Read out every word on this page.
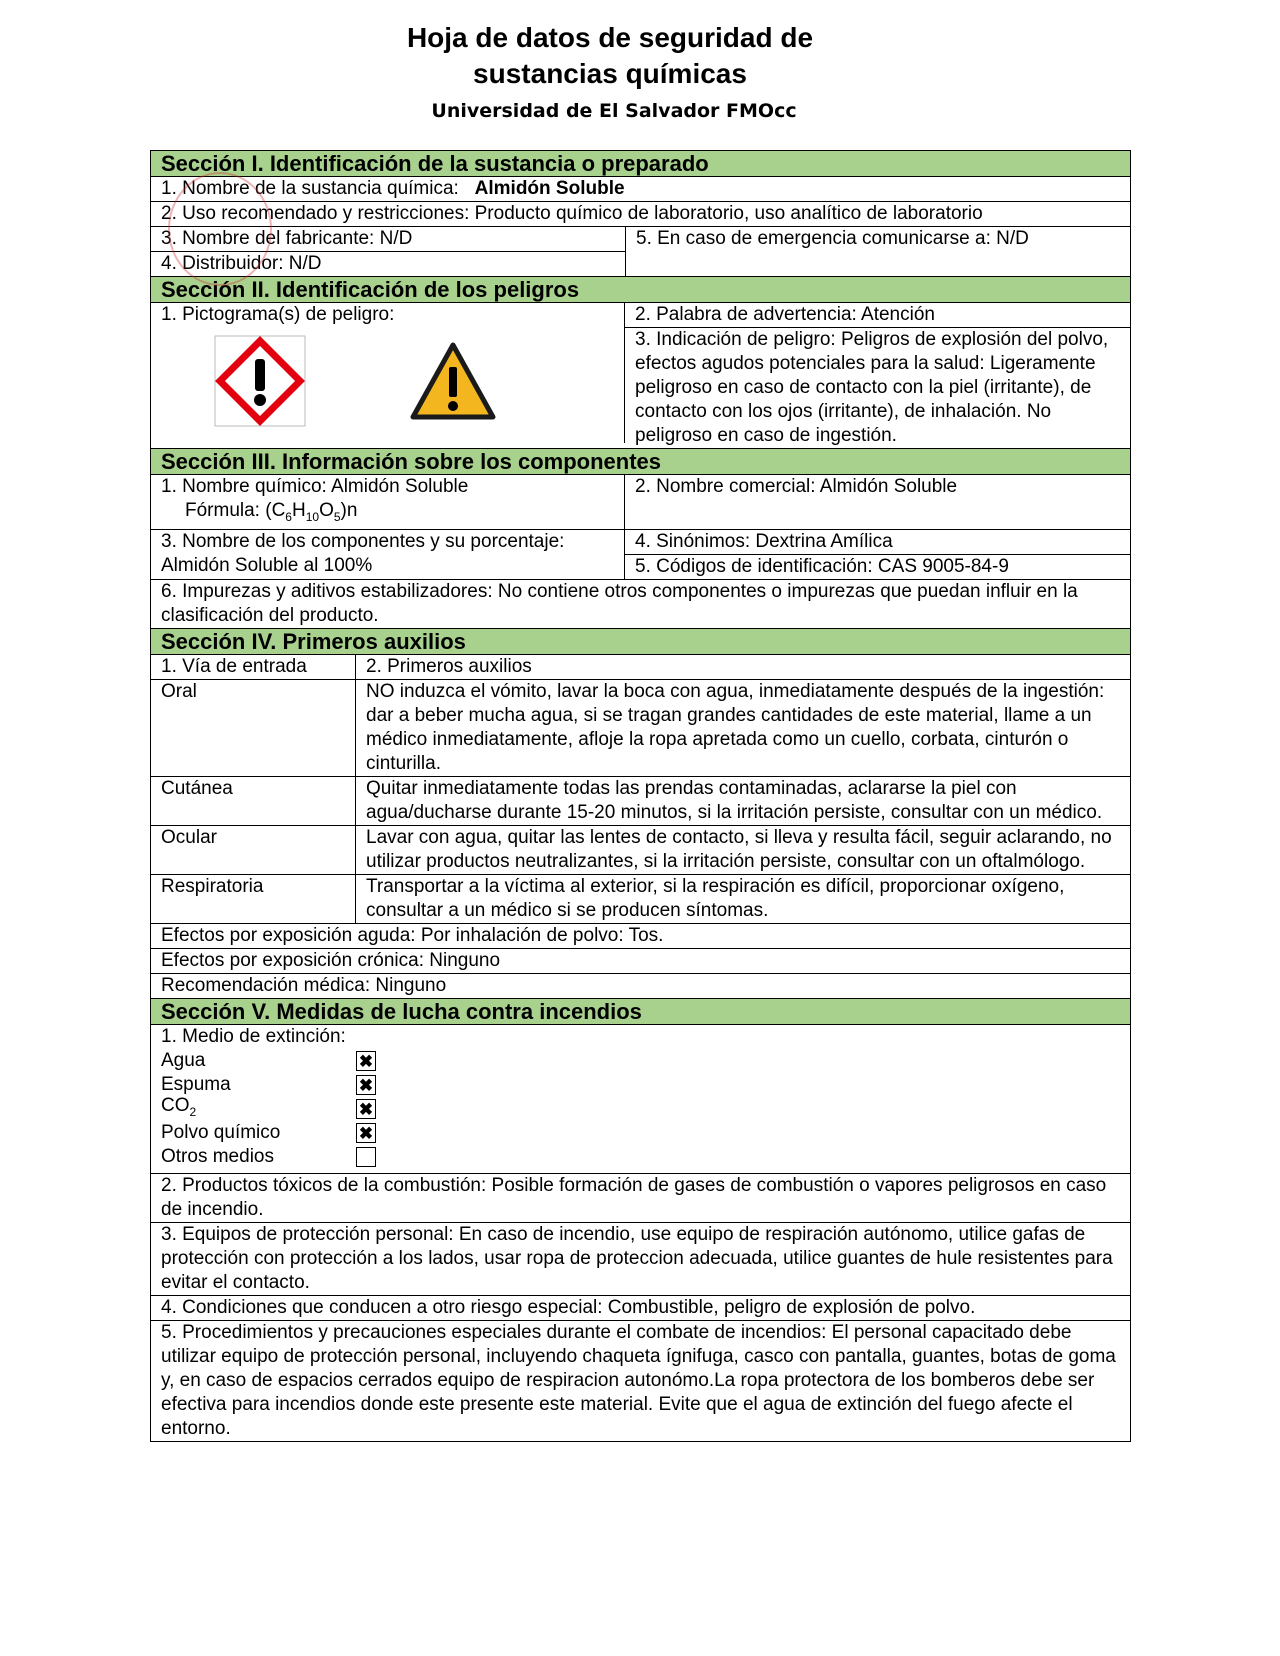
Hoja de datos de seguridad de
sustancias químicas
Universidad de El Salvador FMOcc
Sección I. Identificación de la sustancia o preparado
1. Nombre de la sustancia química: Almidón Soluble
2. Uso recomendado y restricciones: Producto químico de laboratorio, uso analítico de laboratorio
3. Nombre del fabricante: N/D
4. Distribuidor: N/D
5. En caso de emergencia comunicarse a: N/D
Sección II. Identificación de los peligros
1. Pictograma(s) de peligro:	2. Palabra de advertencia: Atención
3. Indicación de peligro: Peligros de explosión del polvo, efectos agudos potenciales para la salud: Ligeramente peligroso en caso de contacto con la piel (irritante), de contacto con los ojos (irritante), de inhalación. No peligroso en caso de ingestión.
Sección III. Información sobre los componentes
1. Nombre químico: Almidón Soluble
Fórmula: $(C_6H_{10}O_5)n$
2. Nombre comercial: Almidón Soluble
3. Nombre de los componentes y su porcentaje:
Almidón Soluble al 100%
4. Sinónimos: Dextrina Amílica
5. Códigos de identificación: CAS 9005-84-9
6. Impurezas y aditivos estabilizadores: No contiene otros componentes o impurezas que puedan influir en la clasificación del producto.
Sección IV. Primeros auxilios
1. Vía de entrada	2. Primeros auxilios
Oral	NO induzca el vómito, lavar la boca con agua, inmediatamente después de la ingestión: dar a beber mucha agua, si se tragan grandes cantidades de este material, llame a un médico inmediatamente, afloje la ropa apretada como un cuello, corbata, cinturón o cinturilla.
Cutánea	Quitar inmediatamente todas las prendas contaminadas, aclararse la piel con agua/ducharse durante 15-20 minutos, si la irritación persiste, consultar con un médico.
Ocular	Lavar con agua, quitar las lentes de contacto, si lleva y resulta fácil, seguir aclarando, no utilizar productos neutralizantes, si la irritación persiste, consultar con un oftalmólogo.
Respiratoria	Transportar a la víctima al exterior, si la respiración es difícil, proporcionar oxígeno, consultar a un médico si se producen síntomas.
Efectos por exposición aguda: Por inhalación de polvo: Tos.
Efectos por exposición crónica: Ninguno
Recomendación médica: Ninguno
Sección V. Medidas de lucha contra incendios
1. Medio de extinción:
Agua	✖
Espuma	✖
$CO_2$	✖
Polvo químico	✖
Otros medios
2. Productos tóxicos de la combustión: Posible formación de gases de combustión o vapores peligrosos en caso de incendio.
3. Equipos de protección personal: En caso de incendio, use equipo de respiración autónomo, utilice gafas de protección con protección a los lados, usar ropa de proteccion adecuada, utilice guantes de hule resistentes para evitar el contacto.
4. Condiciones que conducen a otro riesgo especial: Combustible, peligro de explosión de polvo.
5. Procedimientos y precauciones especiales durante el combate de incendios: El personal capacitado debe utilizar equipo de protección personal, incluyendo chaqueta ígnifuga, casco con pantalla, guantes, botas de goma y, en caso de espacios cerrados equipo de respiracion autonómo.La ropa protectora de los bomberos debe ser efectiva para incendios donde este presente este material. Evite que el agua de extinción del fuego afecte el entorno.
